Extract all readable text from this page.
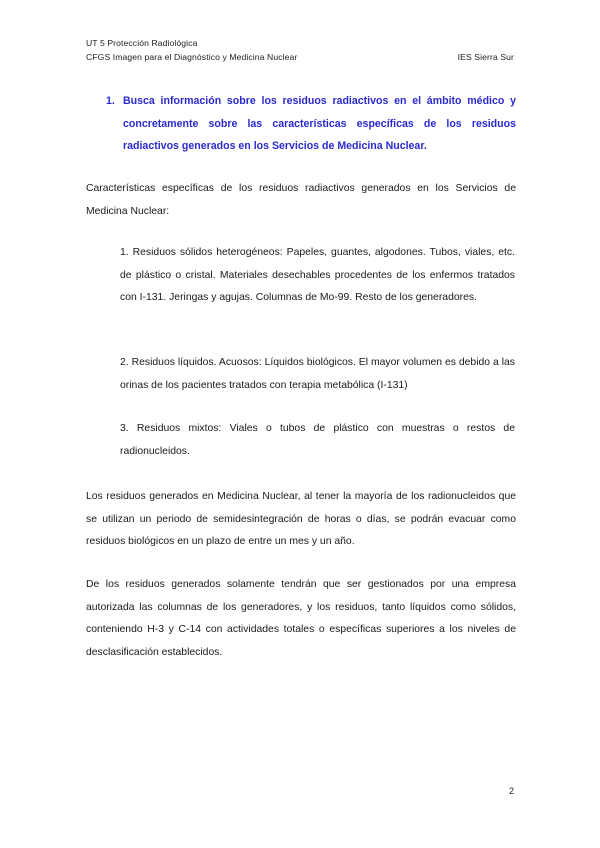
UT 5 Protección Radiológica
CFGS Imagen para el Diagnóstico y Medicina Nuclear	IES Sierra Sur
1. Busca información sobre los residuos radiactivos en el ámbito médico y concretamente sobre las características específicas de los residuos radiactivos generados en los Servicios de Medicina Nuclear.
Características específicas de los residuos radiactivos generados en los Servicios de Medicina Nuclear:
1. Residuos sólidos heterogéneos: Papeles, guantes, algodones. Tubos, viales, etc. de plástico o cristal. Materiales desechables procedentes de los enfermos tratados con I-131. Jeringas y agujas. Columnas de Mo-99. Resto de los generadores.
2. Residuos líquidos. Acuosos: Líquidos biológicos. El mayor volumen es debido a las orinas de los pacientes tratados con terapia metabólica (I-131)
3. Residuos mixtos: Viales o tubos de plástico con muestras o restos de radionucleidos.
Los residuos generados en Medicina Nuclear, al tener la mayoría de los radionucleidos que se utilizan un periodo de semidesintegración de horas o días, se podrán evacuar como residuos biológicos en un plazo de entre un mes y un año.
De los residuos generados solamente tendrán que ser gestionados por una empresa autorizada las columnas de los generadores, y los residuos, tanto líquidos como sólidos, conteniendo H-3 y C-14 con actividades totales o específicas superiores a los niveles de desclasificación establecidos.
2
